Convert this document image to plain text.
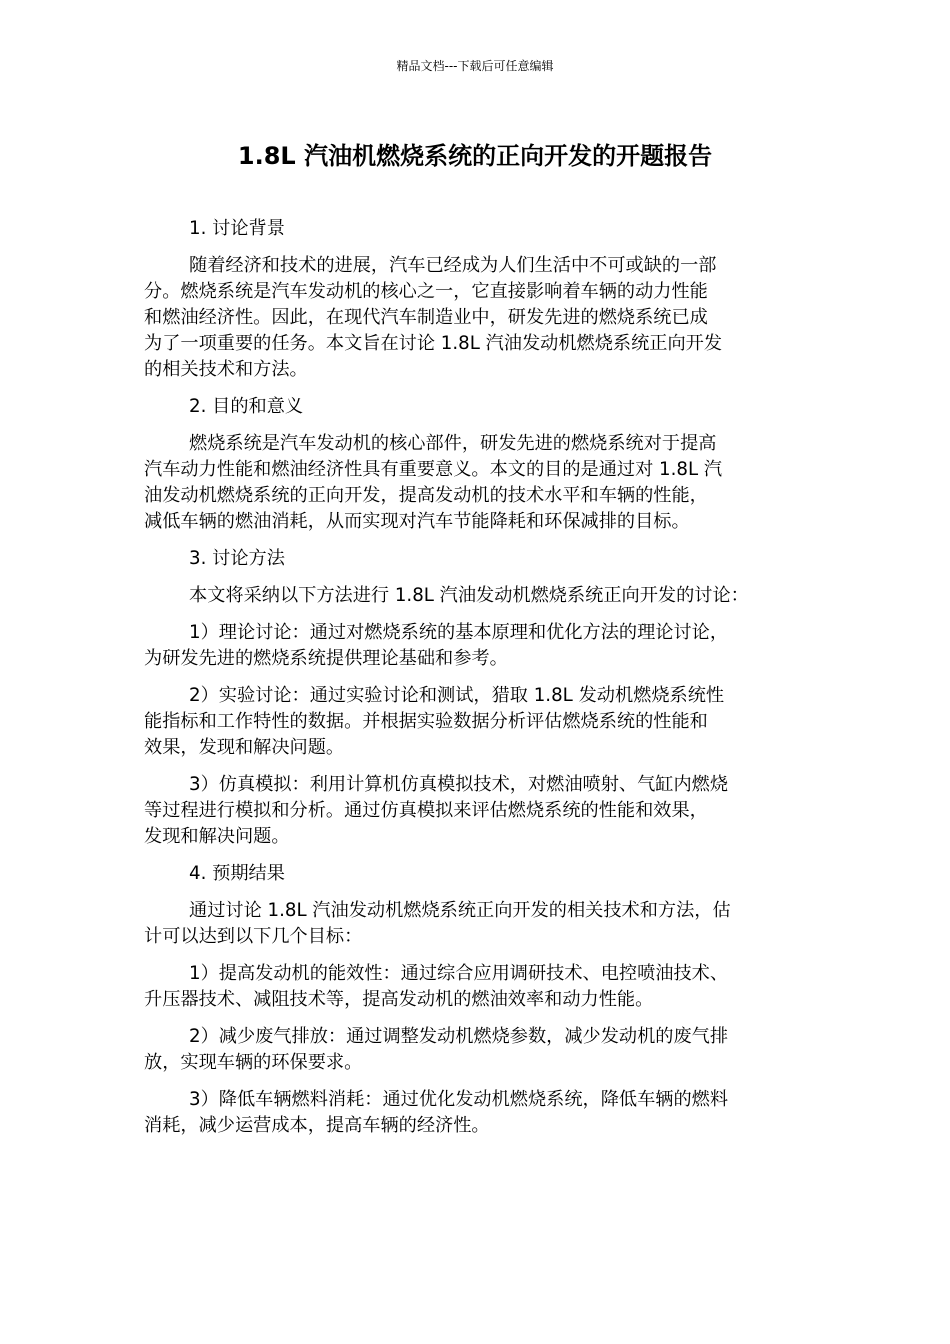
精品文档---下载后可任意编辑
1.8L 汽油机燃烧系统的正向开发的开题报告

1. 讨论背景

随着经济和技术的进展，汽车已经成为人们生活中不可或缺的一部
分。燃烧系统是汽车发动机的核心之一，它直接影响着车辆的动力性能
和燃油经济性。因此，在现代汽车制造业中，研发先进的燃烧系统已成
为了一项重要的任务。本文旨在讨论 1.8L 汽油发动机燃烧系统正向开发
的相关技术和方法。

2. 目的和意义

燃烧系统是汽车发动机的核心部件，研发先进的燃烧系统对于提高
汽车动力性能和燃油经济性具有重要意义。本文的目的是通过对 1.8L 汽
油发动机燃烧系统的正向开发，提高发动机的技术水平和车辆的性能，
减低车辆的燃油消耗，从而实现对汽车节能降耗和环保减排的目标。

3. 讨论方法

本文将采纳以下方法进行 1.8L 汽油发动机燃烧系统正向开发的讨论：

1）理论讨论：通过对燃烧系统的基本原理和优化方法的理论讨论，
为研发先进的燃烧系统提供理论基础和参考。

2）实验讨论：通过实验讨论和测试，猎取 1.8L 发动机燃烧系统性
能指标和工作特性的数据。并根据实验数据分析评估燃烧系统的性能和
效果，发现和解决问题。

3）仿真模拟：利用计算机仿真模拟技术，对燃油喷射、气缸内燃烧
等过程进行模拟和分析。通过仿真模拟来评估燃烧系统的性能和效果，
发现和解决问题。

4. 预期结果

通过讨论 1.8L 汽油发动机燃烧系统正向开发的相关技术和方法，估
计可以达到以下几个目标：

1）提高发动机的能效性：通过综合应用调研技术、电控喷油技术、
升压器技术、减阻技术等，提高发动机的燃油效率和动力性能。

2）减少废气排放：通过调整发动机燃烧参数，减少发动机的废气排
放，实现车辆的环保要求。

3）降低车辆燃料消耗：通过优化发动机燃烧系统，降低车辆的燃料
消耗，减少运营成本，提高车辆的经济性。
